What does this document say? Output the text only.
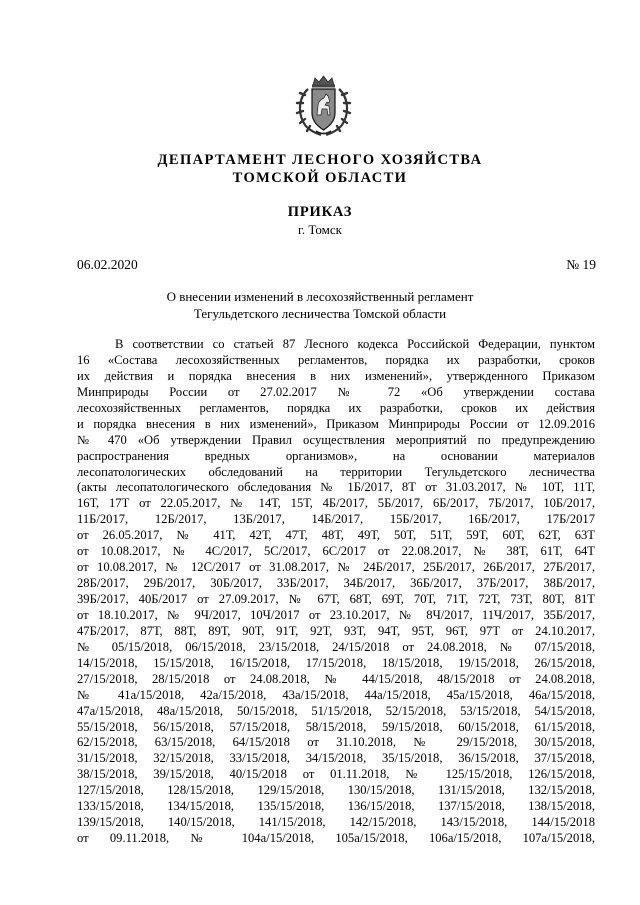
ДЕПАРТАМЕНТ ЛЕСНОГО ХОЗЯЙСТВА
ТОМСКОЙ ОБЛАСТИ
ПРИКАЗ
г. Томск
06.02.2020	№ 19
О внесении изменений в лесохозяйственный регламент
Тегульдетского лесничества Томской области
В соответствии со статьей 87 Лесного кодекса Российской Федерации, пунктом
16 «Состава лесохозяйственных регламентов, порядка их разработки, сроков
их действия и порядка внесения в них изменений», утвержденного Приказом
Минприроды России от 27.02.2017 № 72 «Об утверждении состава
лесохозяйственных регламентов, порядка их разработки, сроков их действия
и порядка внесения в них изменений», Приказом Минприроды России от 12.09.2016
№ 470 «Об утверждении Правил осуществления мероприятий по предупреждению
распространения вредных организмов», на основании материалов
лесопатологических обследований на территории Тегульдетского лесничества
(акты лесопатологического обследования № 1Б/2017, 8Т от 31.03.2017, № 10Т, 11Т,
16Т, 17Т от 22.05.2017, № 14Т, 15Т, 4Б/2017, 5Б/2017, 6Б/2017, 7Б/2017, 10Б/2017,
11Б/2017, 12Б/2017, 13Б/2017, 14Б/2017, 15Б/2017, 16Б/2017, 17Б/2017
от 26.05.2017, № 41Т, 42Т, 47Т, 48Т, 49Т, 50Т, 51Т, 59Т, 60Т, 62Т, 63Т
от 10.08.2017, № 4С/2017, 5С/2017, 6С/2017 от 22.08.2017, № 38Т, 61Т, 64Т
от 10.08.2017, № 12С/2017 от 31.08.2017, № 24Б/2017, 25Б/2017, 26Б/2017, 27Б/2017,
28Б/2017, 29Б/2017, 30Б/2017, 33Б/2017, 34Б/2017, 36Б/2017, 37Б/2017, 38Б/2017,
39Б/2017, 40Б/2017 от 27.09.2017, № 67Т, 68Т, 69Т, 70Т, 71Т, 72Т, 73Т, 80Т, 81Т
от 18.10.2017, № 9Ч/2017, 10Ч/2017 от 23.10.2017, № 8Ч/2017, 11Ч/2017, 35Б/2017,
47Б/2017, 87Т, 88Т, 89Т, 90Т, 91Т, 92Т, 93Т, 94Т, 95Т, 96Т, 97Т от 24.10.2017,
№ 05/15/2018, 06/15/2018, 23/15/2018, 24/15/2018 от 24.08.2018, № 07/15/2018,
14/15/2018, 15/15/2018, 16/15/2018, 17/15/2018, 18/15/2018, 19/15/2018, 26/15/2018,
27/15/2018, 28/15/2018 от 24.08.2018, № 44/15/2018, 48/15/2018 от 24.08.2018,
№ 41а/15/2018, 42а/15/2018, 43а/15/2018, 44а/15/2018, 45а/15/2018, 46а/15/2018,
47а/15/2018, 48а/15/2018, 50/15/2018, 51/15/2018, 52/15/2018, 53/15/2018, 54/15/2018,
55/15/2018, 56/15/2018, 57/15/2018, 58/15/2018, 59/15/2018, 60/15/2018, 61/15/2018,
62/15/2018, 63/15/2018, 64/15/2018 от 31.10.2018, № 29/15/2018, 30/15/2018,
31/15/2018, 32/15/2018, 33/15/2018, 34/15/2018, 35/15/2018, 36/15/2018, 37/15/2018,
38/15/2018, 39/15/2018, 40/15/2018 от 01.11.2018, № 125/15/2018, 126/15/2018,
127/15/2018, 128/15/2018, 129/15/2018, 130/15/2018, 131/15/2018, 132/15/2018,
133/15/2018, 134/15/2018, 135/15/2018, 136/15/2018, 137/15/2018, 138/15/2018,
139/15/2018, 140/15/2018, 141/15/2018, 142/15/2018, 143/15/2018, 144/15/2018
от 09.11.2018, № 104а/15/2018, 105а/15/2018, 106а/15/2018, 107а/15/2018,
